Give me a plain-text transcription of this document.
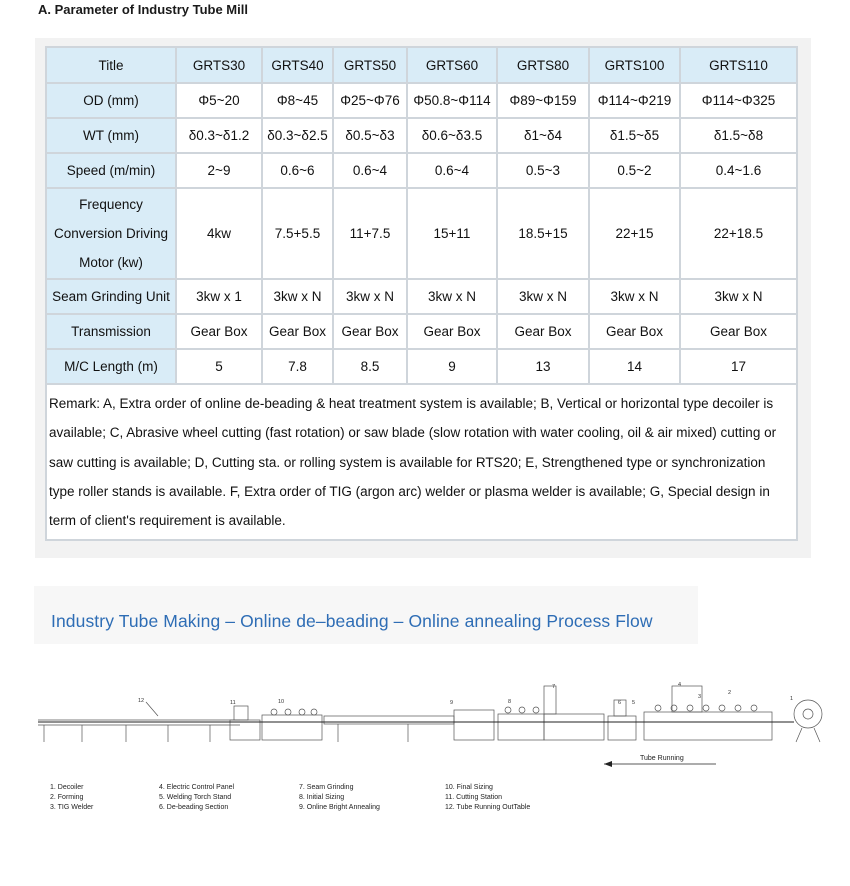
A. Parameter of Industry Tube Mill
Title	GRTS30	GRTS40	GRTS50	GRTS60	GRTS80	GRTS100	GRTS110
OD (mm)	Φ5~20	Φ8~45	Φ25~Φ76	Φ50.8~Φ114	Φ89~Φ159	Φ114~Φ219	Φ114~Φ325
WT (mm)	δ0.3~δ1.2	δ0.3~δ2.5	δ0.5~δ3	δ0.6~δ3.5	δ1~δ4	δ1.5~δ5	δ1.5~δ8
Speed (m/min)	2~9	0.6~6	0.6~4	0.6~4	0.5~3	0.5~2	0.4~1.6

Frequency
Conversion Driving
Motor (kw)	4kw	7.5+5.5	11+7.5	15+11	18.5+15	22+15	22+18.5
Seam Grinding Unit	3kw x 1	3kw x N	3kw x N	3kw x N	3kw x N	3kw x N	3kw x N
Transmission	Gear Box	Gear Box	Gear Box	Gear Box	Gear Box	Gear Box	Gear Box
M/C Length (m)	5	7.8	8.5	9	13	14	17

Remark: A, Extra order of online de-beading & heat treatment system is available; B, Vertical or horizontal type decoiler is
available; C, Abrasive wheel cutting (fast rotation) or saw blade (slow rotation with water cooling, oil & air mixed) cutting or
saw cutting is available; D, Cutting sta. or rolling system is available for RTS20; E, Strengthened type or synchronization
type roller stands is available. F, Extra order of TIG (argon arc) welder or plasma welder is available; G, Special design in
term of client's requirement is available.							
Industry Tube Making – Online de–beading – Online annealing Process Flow
12	11	10	9	8
7
6 5
4
3
2
1
Tube Running
1. Decoiler
2. Forming
3. TIG Welder
4. Electric Control Panel
5. Welding Torch Stand
6. De-beading Section
7. Seam Grinding
8. Initial Sizing
9. Online Bright Annealing
10. Final Sizing
11. Cutting Station
12. Tube Running OutTable
